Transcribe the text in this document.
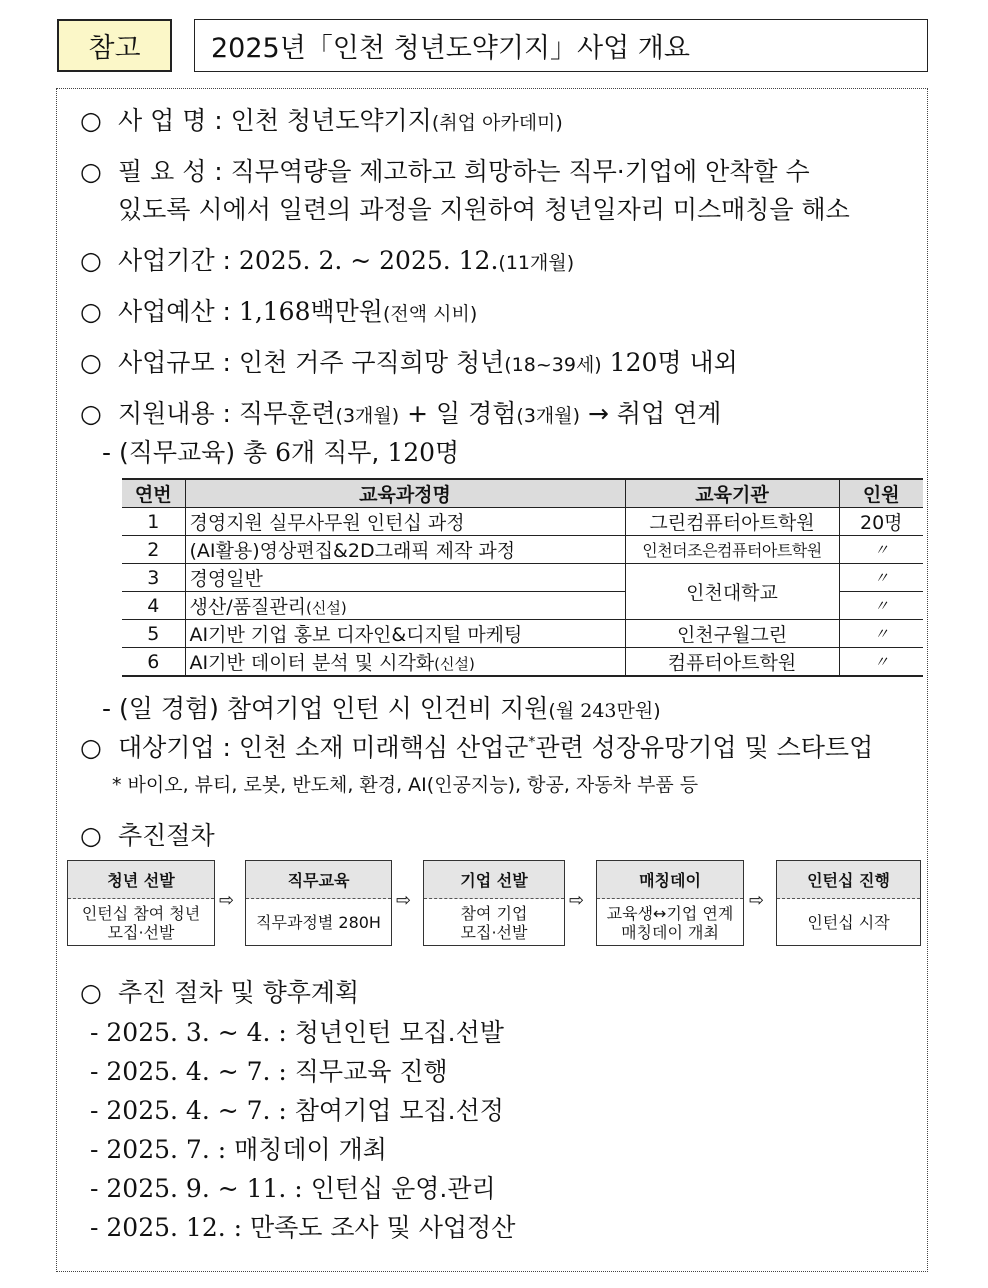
참고	2025년「인천 청년도약기지」사업 개요
○ 사 업 명 : 인천 청년도약기지(취업 아카데미)
○ 필 요 성 : 직무역량을 제고하고 희망하는 직무·기업에 안착할 수
있도록 시에서 일련의 과정을 지원하여 청년일자리 미스매칭을 해소
○ 사업기간 : 2025. 2. ~ 2025. 12.(11개월)
○ 사업예산 : 1,168백만원(전액 시비)
○ 사업규모 : 인천 거주 구직희망 청년(18~39세) 120명 내외
○ 지원내용 : 직무훈련(3개월) + 일 경험(3개월) → 취업 연계
- (직무교육) 총 6개 직무, 120명
연번	교육과정명	교육기관	인원
1	경영지원 실무사무원 인턴십 과정	그린컴퓨터아트학원	20명
2	(AI활용)영상편집&2D그래픽 제작 과정	인천더조은컴퓨터아트학원	〃
3	경영일반	인천대학교	〃
4	생산/품질관리(신설)		〃
5	AI기반 기업 홍보 디자인&디지털 마케팅	인천구월그린	〃
6	AI기반 데이터 분석 및 시각화(신설)	컴퓨터아트학원	〃
- (일 경험) 참여기업 인턴 시 인건비 지원(월 243만원)
○ 대상기업 : 인천 소재 미래핵심 산업군*관련 성장유망기업 및 스타트업
* 바이오, 뷰티, 로봇, 반도체, 환경, AI(인공지능), 항공, 자동차 부품 등
○ 추진절차
청년 선발
인턴십 참여 청년
모집·선발
⇨
직무교육
직무과정별 280H
⇨
기업 선발
참여 기업
모집·선발
⇨
매칭데이
교육생↔기업 연계
매칭데이 개최
⇨
인턴십 진행
인턴십 시작
○ 추진 절차 및 향후계획
- 2025. 3. ~ 4. : 청년인턴 모집.선발
- 2025. 4. ~ 7. : 직무교육 진행
- 2025. 4. ~ 7. : 참여기업 모집.선정
- 2025. 7. : 매칭데이 개최
- 2025. 9. ~ 11. : 인턴십 운영.관리
- 2025. 12. : 만족도 조사 및 사업정산
